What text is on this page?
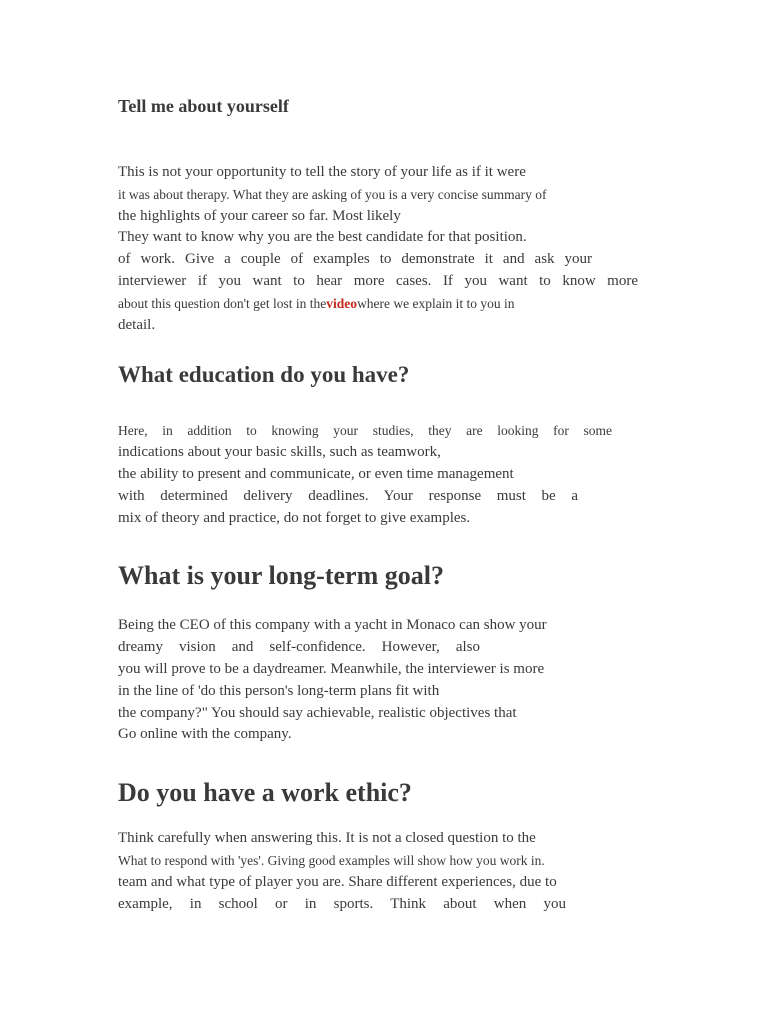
Tell me about yourself
This is not your opportunity to tell the story of your life as if it were
it was about therapy. What they are asking of you is a very concise summary of
the highlights of your career so far. Most likely
They want to know why you are the best candidate for that position.
of work. Give a couple of examples to demonstrate it and ask your
interviewer if you want to hear more cases. If you want to know more
about this question don't get lost in thevideowhere we explain it to you in
detail.
What education do you have?
Here, in addition to knowing your studies, they are looking for some
indications about your basic skills, such as teamwork,
the ability to present and communicate, or even time management
with determined delivery deadlines. Your response must be a
mix of theory and practice, do not forget to give examples.
What is your long-term goal?
Being the CEO of this company with a yacht in Monaco can show your
dreamy vision and self-confidence. However, also
you will prove to be a daydreamer. Meanwhile, the interviewer is more
in the line of 'do this person's long-term plans fit with
the company?" You should say achievable, realistic objectives that
Go online with the company.
Do you have a work ethic?
Think carefully when answering this. It is not a closed question to the
What to respond with 'yes'. Giving good examples will show how you work in.
team and what type of player you are. Share different experiences, due to
example, in school or in sports. Think about when you
